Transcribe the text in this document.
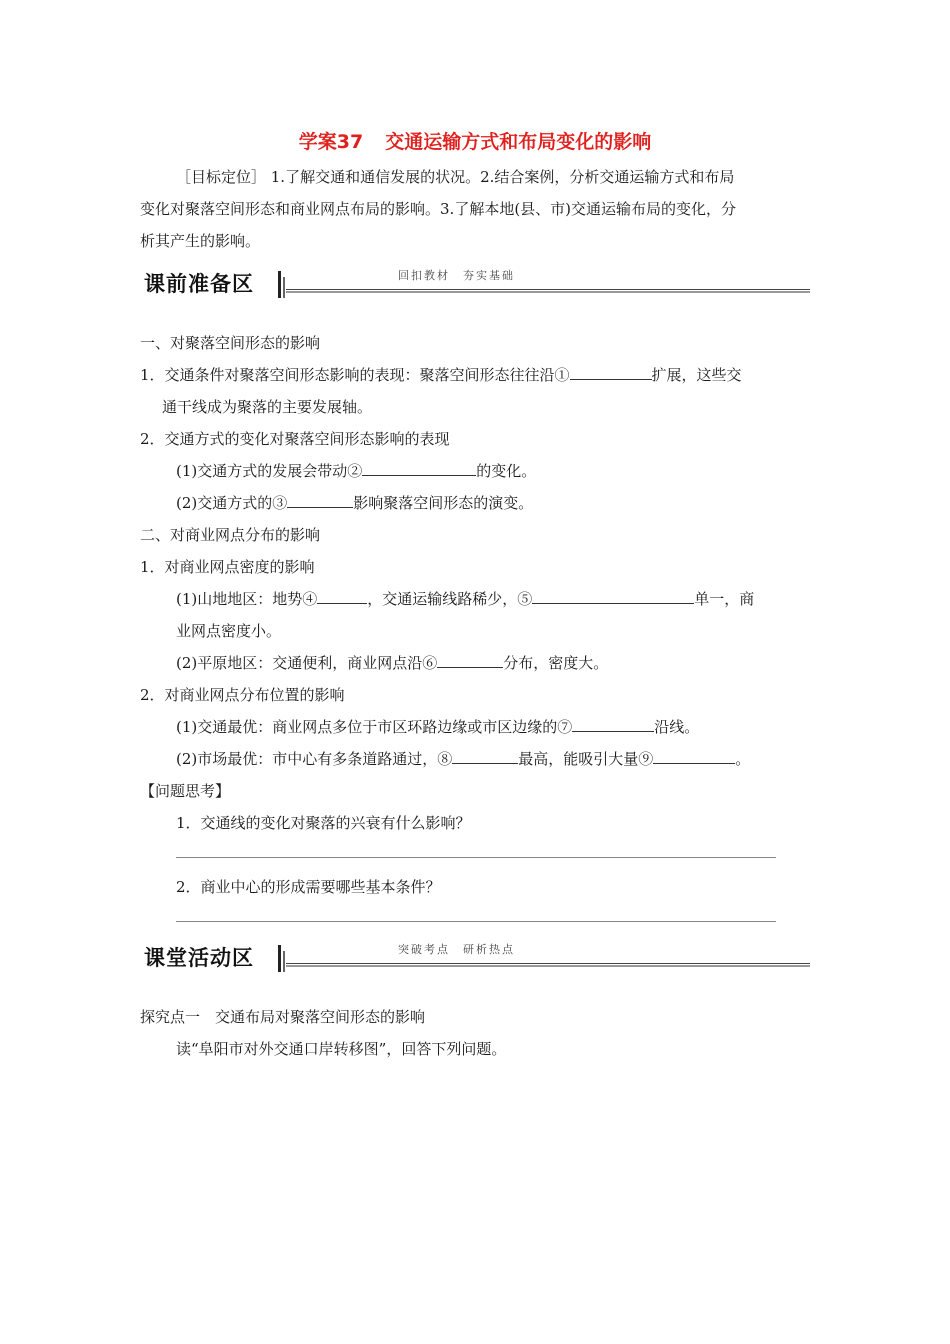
学案37 交通运输方式和布局变化的影响
［目标定位］ 1.了解交通和通信发展的状况。2.结合案例，分析交通运输方式和布局
变化对聚落空间形态和商业网点布局的影响。3.了解本地(县、市)交通运输布局的变化，分
析其产生的影响。
课前准备区	回扣教材　夯实基础
一、对聚落空间形态的影响
1．交通条件对聚落空间形态影响的表现：聚落空间形态往往沿①	扩展，这些交
通干线成为聚落的主要发展轴。
2．交通方式的变化对聚落空间形态影响的表现
(1)交通方式的发展会带动②	的变化。
(2)交通方式的③	影响聚落空间形态的演变。
二、对商业网点分布的影响
1．对商业网点密度的影响
(1)山地地区：地势④	，交通运输线路稀少，⑤	单一，商
业网点密度小。
(2)平原地区：交通便利，商业网点沿⑥	分布，密度大。
2．对商业网点分布位置的影响
(1)交通最优：商业网点多位于市区环路边缘或市区边缘的⑦	沿线。
(2)市场最优：市中心有多条道路通过，⑧	最高，能吸引大量⑨	。
【问题思考】
1．交通线的变化对聚落的兴衰有什么影响？
2．商业中心的形成需要哪些基本条件？
课堂活动区	突破考点　研析热点
探究点一　交通布局对聚落空间形态的影响
读“阜阳市对外交通口岸转移图”，回答下列问题。
